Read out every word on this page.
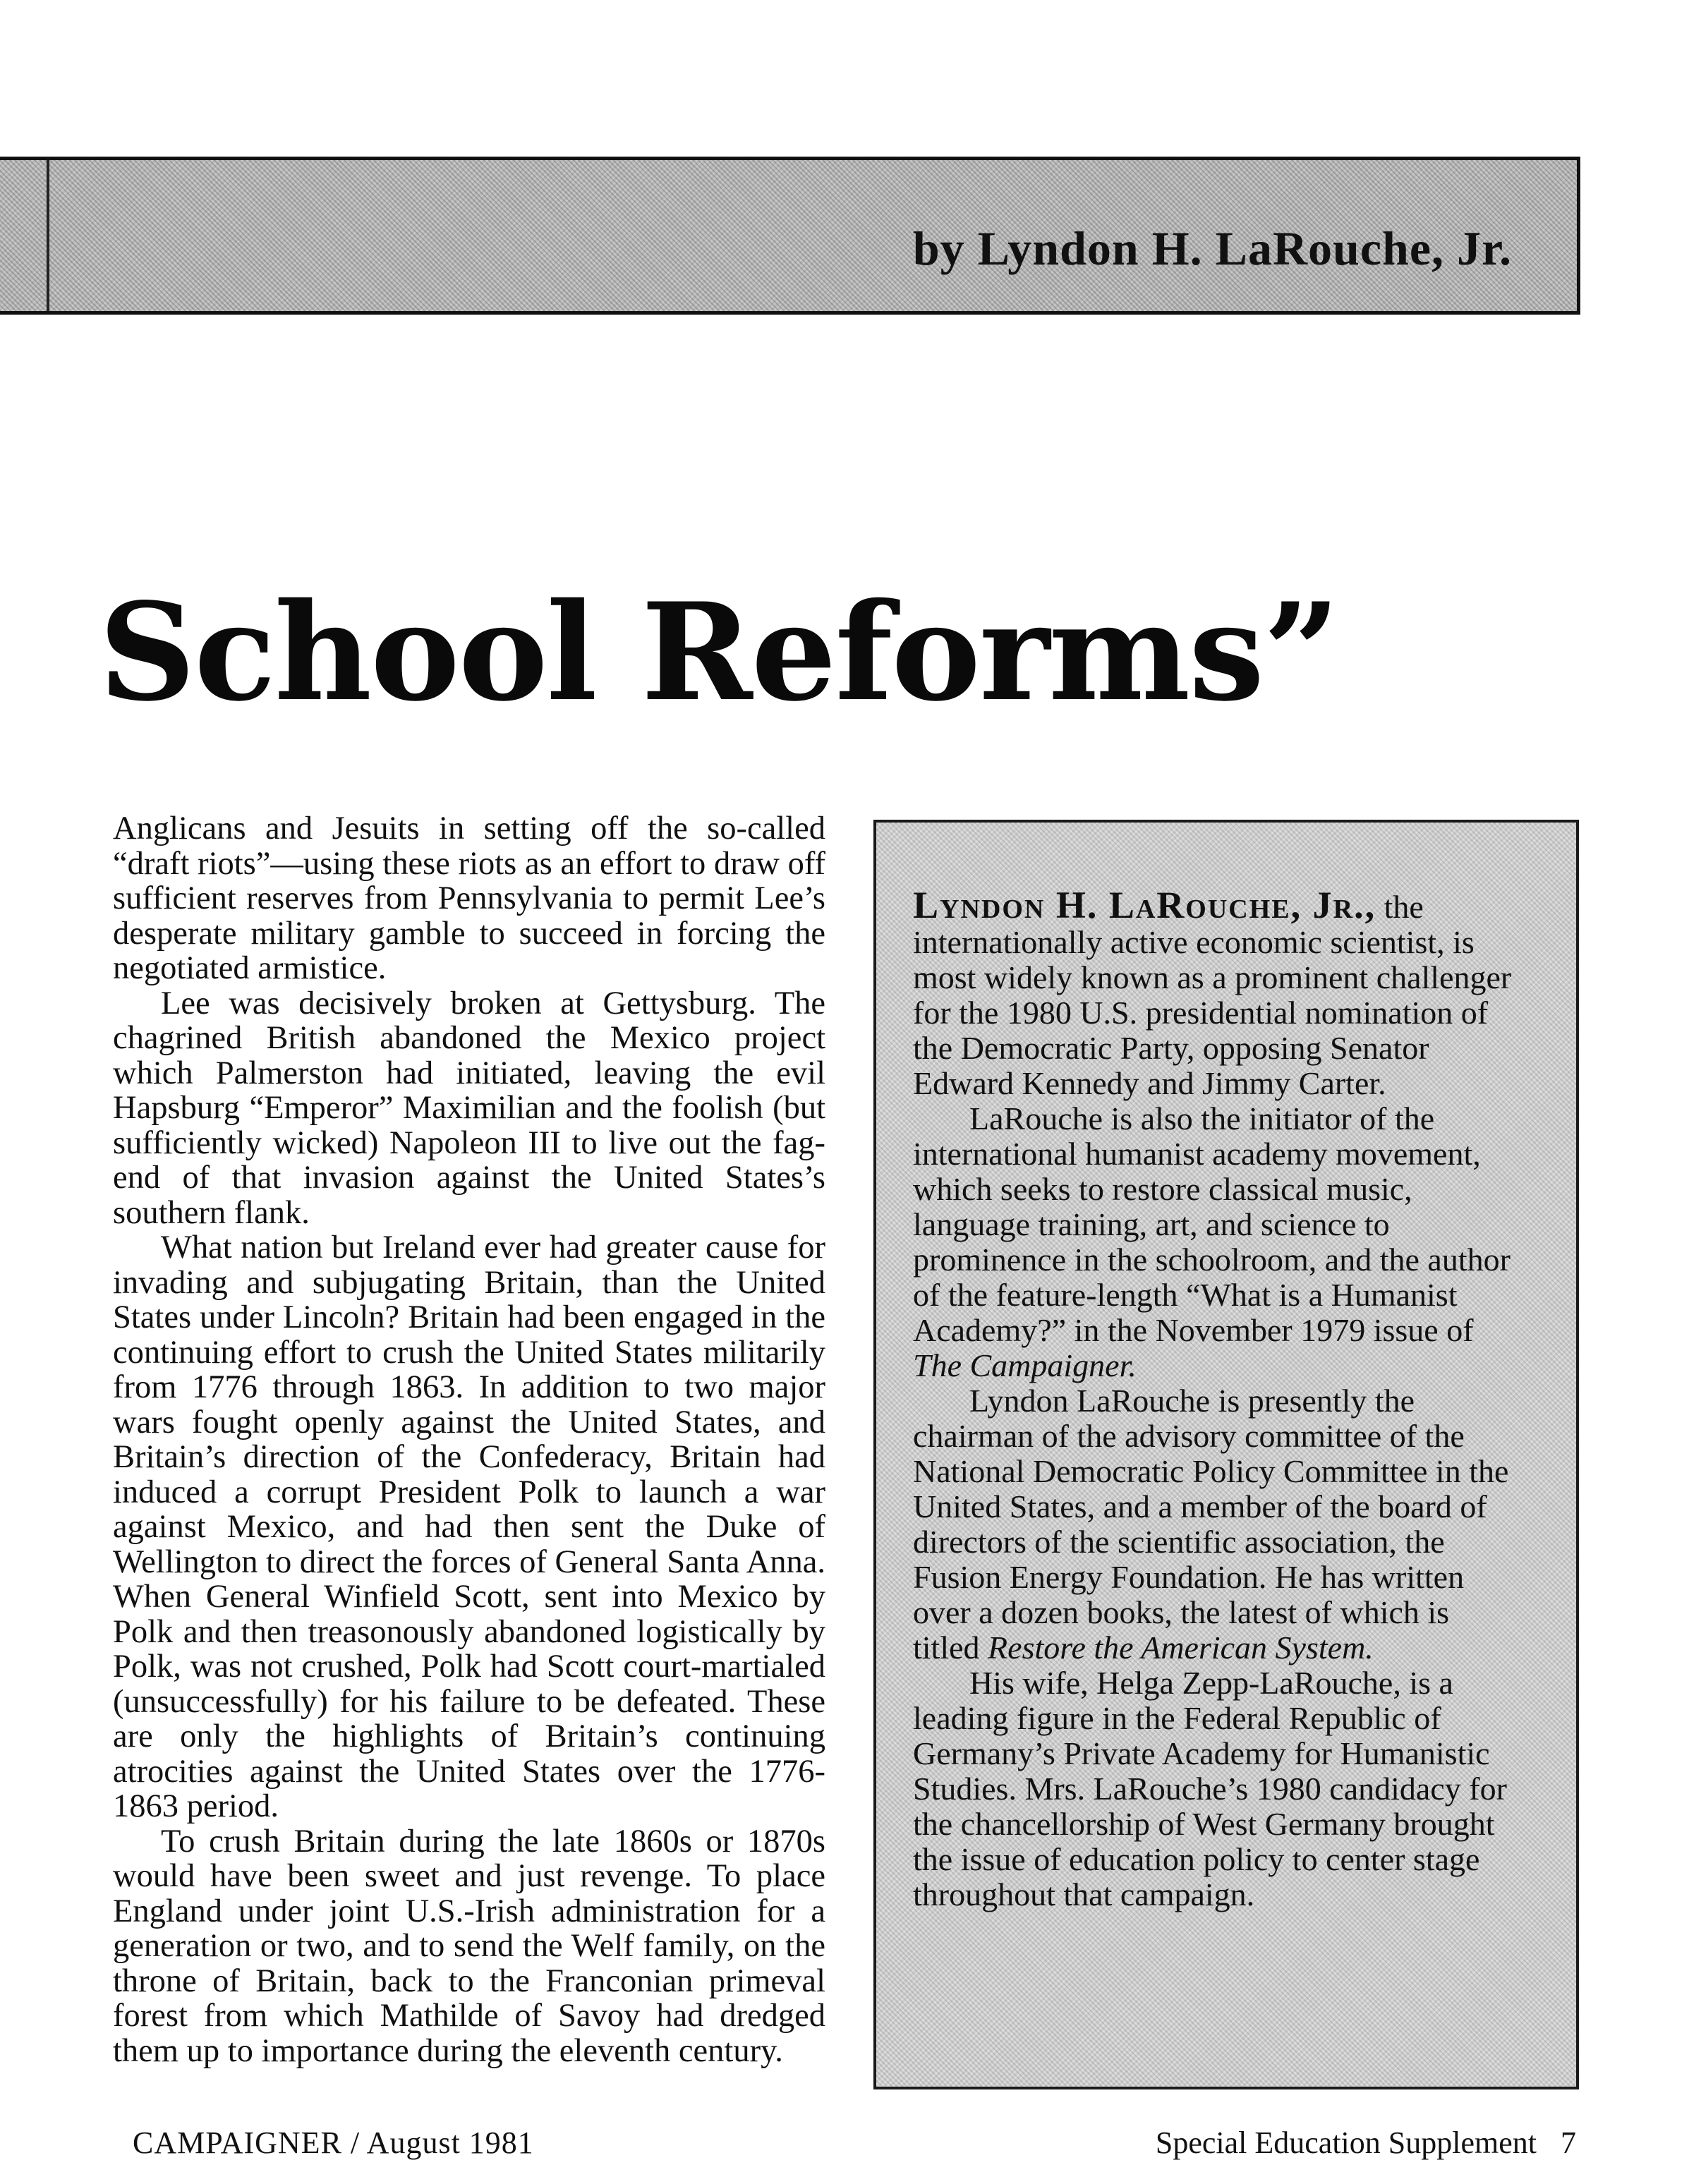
by Lyndon H. LaRouche, Jr.
School Reforms”

Anglicans and Jesuits in setting off the so-called “draft riots”—using these riots as an effort to draw off sufficient reserves from Pennsylvania to permit Lee’s desperate military gamble to succeed in forcing the negotiated armistice.

Lee was decisively broken at Gettysburg. The chagrined British abandoned the Mexico project which Palmerston had initiated, leaving the evil Hapsburg “Emperor” Maximilian and the foolish (but sufficiently wicked) Napoleon III to live out the fag-end of that invasion against the United States’s southern flank.

What nation but Ireland ever had greater cause for invading and subjugating Britain, than the United States under Lincoln? Britain had been engaged in the continuing effort to crush the United States militarily from 1776 through 1863. In addition to two major wars fought openly against the United States, and Britain’s direction of the Confederacy, Britain had induced a corrupt President Polk to launch a war against Mexico, and had then sent the Duke of Wellington to direct the forces of General Santa Anna. When General Winfield Scott, sent into Mexico by Polk and then treasonously abandoned logistically by Polk, was not crushed, Polk had Scott court-martialed (unsuccessfully) for his failure to be defeated. These are only the highlights of Britain’s continuing atrocities against the United States over the 1776-1863 period.

To crush Britain during the late 1860s or 1870s would have been sweet and just revenge. To place England under joint U.S.-Irish administration for a generation or two, and to send the Welf family, on the throne of Britain, back to the Franconian primeval forest from which Mathilde of Savoy had dredged them up to importance during the eleventh century.

Lyndon H. LaRouche, Jr., the internationally active economic scientist, is most widely known as a prominent challenger for the 1980 U.S. presidential nomination of the Democratic Party, opposing Senator Edward Kennedy and Jimmy Carter.

LaRouche is also the initiator of the international humanist academy movement, which seeks to restore classical music, language training, art, and science to prominence in the schoolroom, and the author of the feature-length “What is a Humanist Academy?” in the November 1979 issue of The Campaigner.

Lyndon LaRouche is presently the chairman of the advisory committee of the National Democratic Policy Committee in the United States, and a member of the board of directors of the scientific association, the Fusion Energy Foundation. He has written over a dozen books, the latest of which is titled Restore the American System.

His wife, Helga Zepp-LaRouche, is a leading figure in the Federal Republic of Germany’s Private Academy for Humanistic Studies. Mrs. LaRouche’s 1980 candidacy for the chancellorship of West Germany brought the issue of education policy to center stage throughout that campaign.

CAMPAIGNER / August 1981	Special Education Supplement 7
